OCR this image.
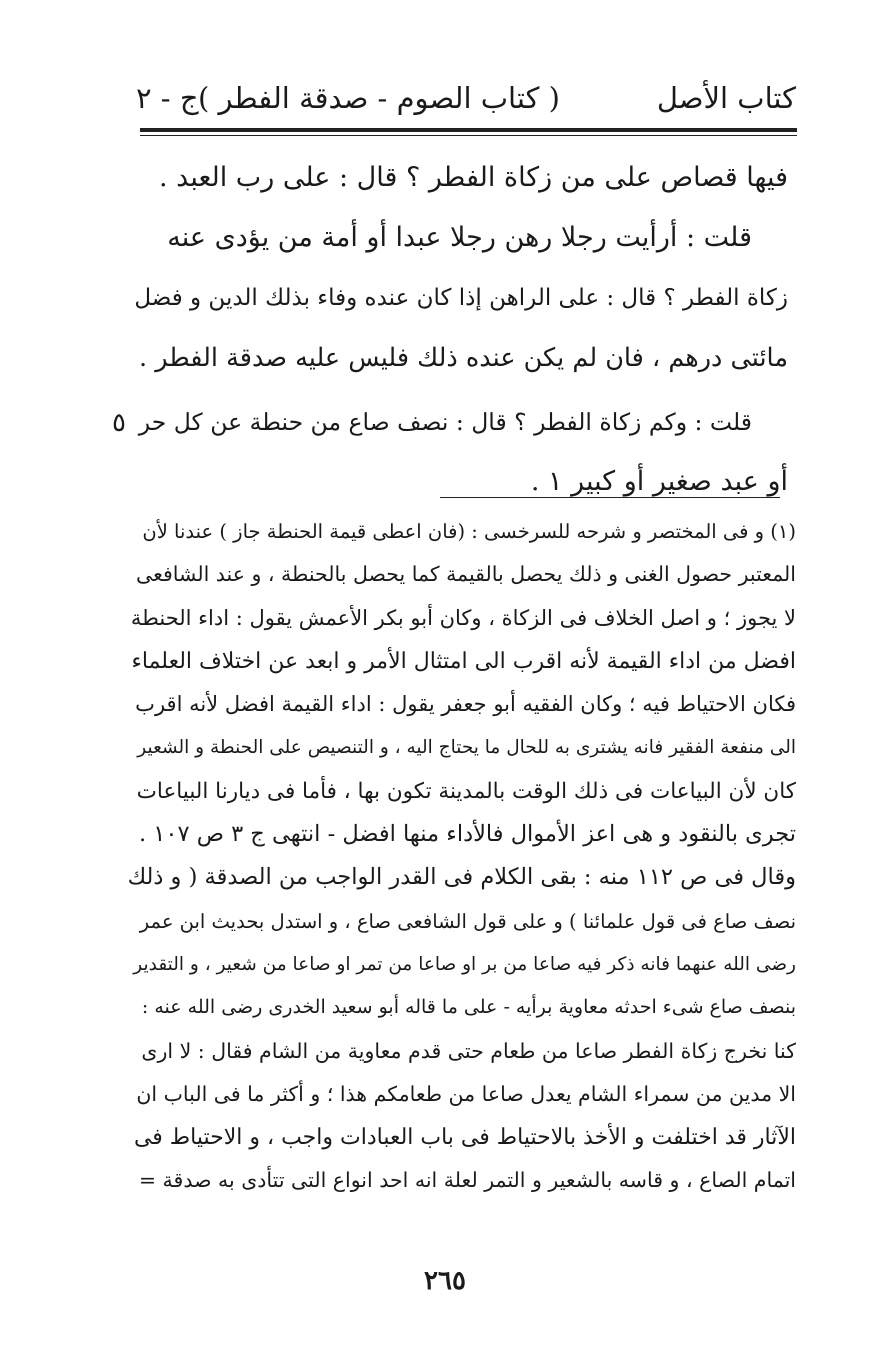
كتاب الأصل
( كتاب الصوم - صدقة الفطر )
ج - ٢

فيها قصاص على من زكاة الفطر ؟ قال : على رب العبد .

قلت : أرأيت رجلا رهن رجلا عبدا أو أمة من يؤدى عنه

زكاة الفطر ؟ قال : على الراهن إذا كان عنده وفاء بذلك الدين و فضل

مائتى درهم ، فان لم يكن عنده ذلك فليس عليه صدقة الفطر .

قلت : وكم زكاة الفطر ؟ قال : نصف صاع من حنطة عن كل حر

أو عبد صغير أو كبير ١ .

٥

(١) و فى المختصر و شرحه للسرخسى : (فان اعطى قيمة الحنطة جاز ) عندنا لأن

المعتبر حصول الغنى و ذلك يحصل بالقيمة كما يحصل بالحنطة ، و عند الشافعى

لا يجوز ؛ و اصل الخلاف فى الزكاة ، وكان أبو بكر الأعمش يقول : اداء الحنطة

افضل من اداء القيمة لأنه اقرب الى امتثال الأمر و ابعد عن اختلاف العلماء

فكان الاحتياط فيه ؛ وكان الفقيه أبو جعفر يقول : اداء القيمة افضل لأنه اقرب

الى منفعة الفقير فانه يشترى به للحال ما يحتاج اليه ، و التنصيص على الحنطة و الشعير

كان لأن البياعات فى ذلك الوقت بالمدينة تكون بها ، فأما فى ديارنا البياعات

تجرى بالنقود و هى اعز الأموال فالأداء منها افضل - انتهى ج ٣ ص ١٠٧ .

وقال فى ص ١١٢ منه : بقى الكلام فى القدر الواجب من الصدقة ( و ذلك

نصف صاع فى قول علمائنا ) و على قول الشافعى صاع ، و استدل بحديث ابن عمر

رضى الله عنهما فانه ذكر فيه صاعا من بر او صاعا من تمر او صاعا من شعير ، و التقدير

بنصف صاع شىء احدثه معاوية برأيه - على ما قاله أبو سعيد الخدرى رضى الله عنه :

كنا نخرج زكاة الفطر صاعا من طعام حتى قدم معاوية من الشام فقال : لا ارى

الا مدين من سمراء الشام يعدل صاعا من طعامكم هذا ؛ و أكثر ما فى الباب ان

الآثار قد اختلفت و الأخذ بالاحتياط فى باب العبادات واجب ، و الاحتياط فى

اتمام الصاع ، و قاسه بالشعير و التمر لعلة انه احد انواع التى تتأدى به صدقة =

٢٦٥
